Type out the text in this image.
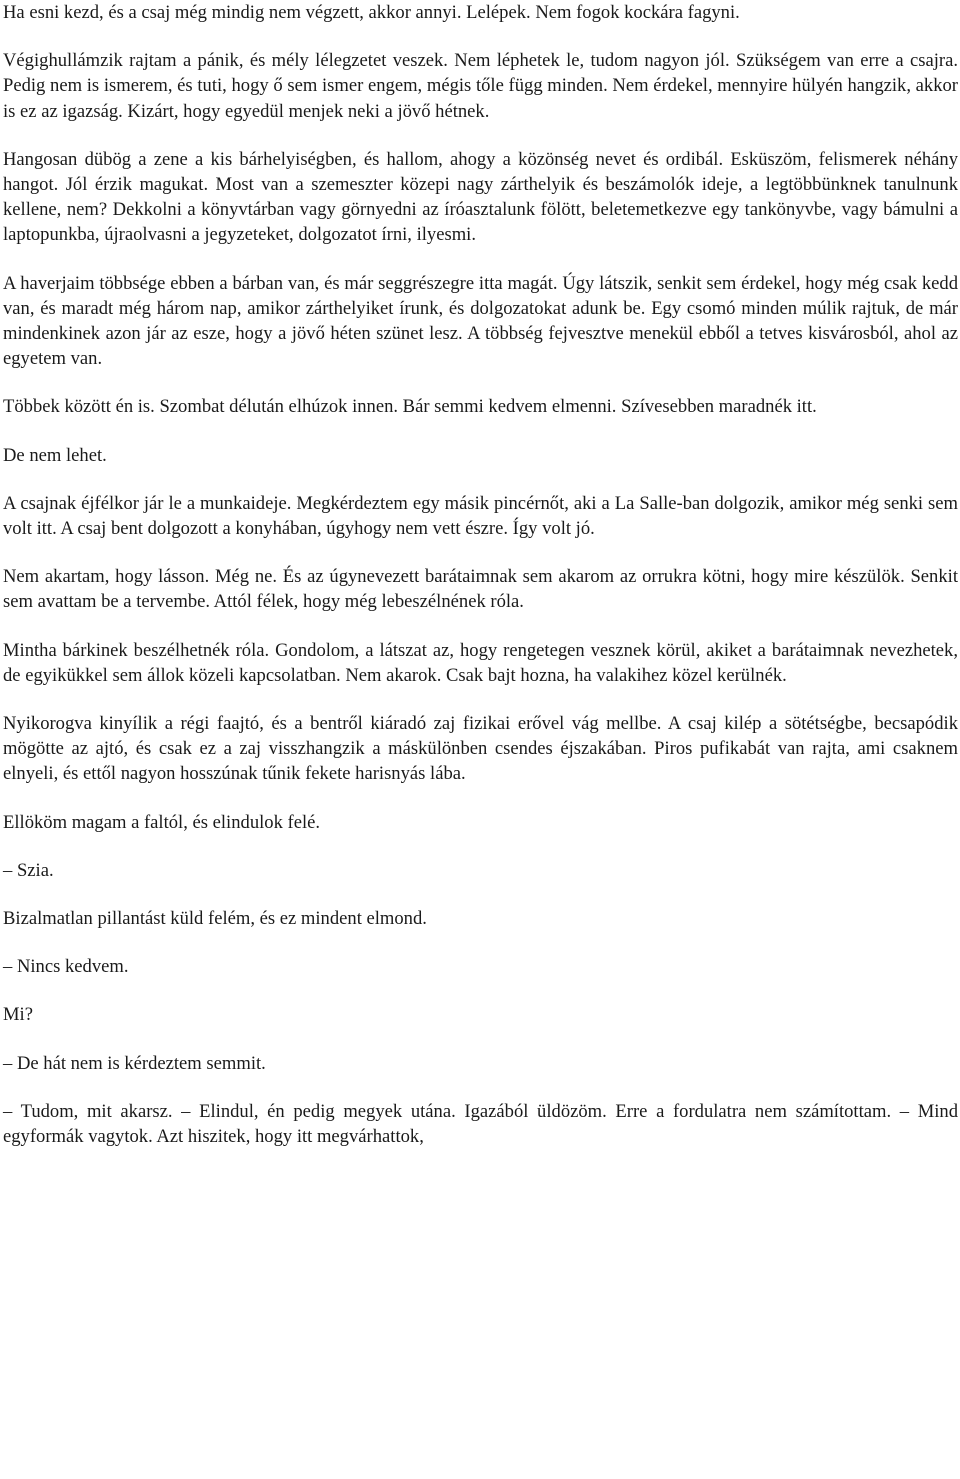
Ha esni kezd, és a csaj még mindig nem végzett, akkor annyi. Lelépek. Nem fogok kockára fagyni.

Végighullámzik rajtam a pánik, és mély lélegzetet veszek. Nem léphetek le, tudom nagyon jól. Szükségem van erre a csajra. Pedig nem is ismerem, és tuti, hogy ő sem ismer engem, mégis tőle függ minden. Nem érdekel, mennyire hülyén hangzik, akkor is ez az igazság. Kizárt, hogy egyedül menjek neki a jövő hétnek.

Hangosan dübög a zene a kis bárhelyiségben, és hallom, ahogy a közönség nevet és ordibál. Esküszöm, felismerek néhány hangot. Jól érzik magukat. Most van a szemeszter közepi nagy zárthelyik és beszámolók ideje, a legtöbbünknek tanulnunk kellene, nem? Dekkolni a könyvtárban vagy görnyedni az íróasztalunk fölött, beletemetkezve egy tankönyvbe, vagy bámulni a laptopunkba, újraolvasni a jegyzeteket, dolgozatot írni, ilyesmi.

A haverjaim többsége ebben a bárban van, és már seggrészegre itta magát. Úgy látszik, senkit sem érdekel, hogy még csak kedd van, és maradt még három nap, amikor zárthelyiket írunk, és dolgozatokat adunk be. Egy csomó minden múlik rajtuk, de már mindenkinek azon jár az esze, hogy a jövő héten szünet lesz. A többség fejvesztve menekül ebből a tetves kisvárosból, ahol az egyetem van.

Többek között én is. Szombat délután elhúzok innen. Bár semmi kedvem elmenni. Szívesebben maradnék itt.

De nem lehet.

A csajnak éjfélkor jár le a munkaideje. Megkérdeztem egy másik pincérnőt, aki a La Salle-ban dolgozik, amikor még senki sem volt itt. A csaj bent dolgozott a konyhában, úgyhogy nem vett észre. Így volt jó.

Nem akartam, hogy lásson. Még ne. És az úgynevezett barátaimnak sem akarom az orrukra kötni, hogy mire készülök. Senkit sem avattam be a tervembe. Attól félek, hogy még lebeszélnének róla.

Mintha bárkinek beszélhetnék róla. Gondolom, a látszat az, hogy rengetegen vesznek körül, akiket a barátaimnak nevezhetek, de egyikükkel sem állok közeli kapcsolatban. Nem akarok. Csak bajt hozna, ha valakihez közel kerülnék.

Nyikorogva kinyílik a régi faajtó, és a bentről kiáradó zaj fizikai erővel vág mellbe. A csaj kilép a sötétségbe, becsapódik mögötte az ajtó, és csak ez a zaj visszhangzik a máskülönben csendes éjszakában. Piros pufikabát van rajta, ami csaknem elnyeli, és ettől nagyon hosszúnak tűnik fekete harisnyás lába.

Ellököm magam a faltól, és elindulok felé.

– Szia.

Bizalmatlan pillantást küld felém, és ez mindent elmond.

– Nincs kedvem.

Mi?

– De hát nem is kérdeztem semmit.

– Tudom, mit akarsz. – Elindul, én pedig megyek utána. Igazából üldözöm. Erre a fordulatra nem számítottam. – Mind egyformák vagytok. Azt hiszitek, hogy itt megvárhattok,
